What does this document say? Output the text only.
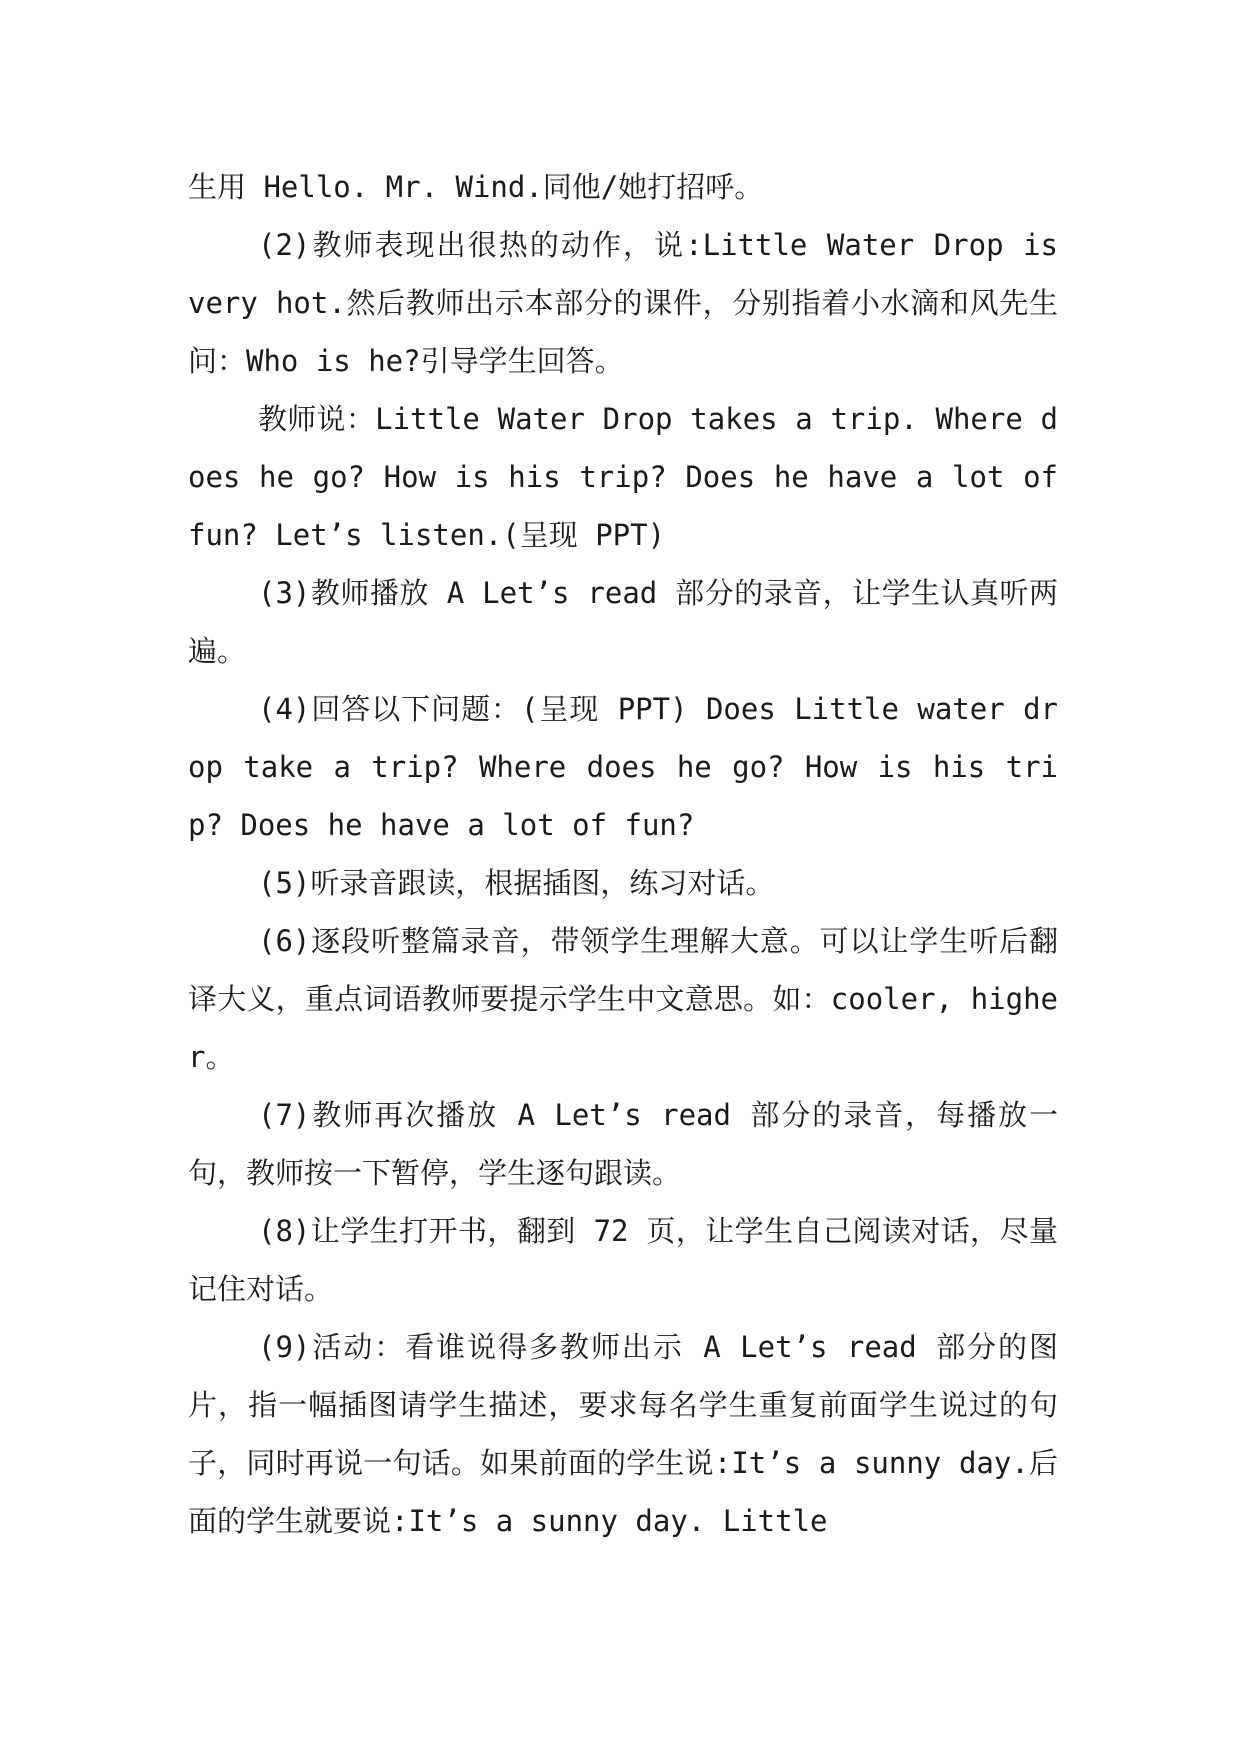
生用 Hello. Mr. Wind.同他/她打招呼。

(2)教师表现出很热的动作，说:Little Water Drop is very hot.然后教师出示本部分的课件，分别指着小水滴和风先生问：Who is he?引导学生回答。

教师说：Little Water Drop takes a trip. Where does he go? How is his trip? Does he have a lot of fun? Let’s listen.(呈现 PPT)

(3)教师播放 A Let’s read 部分的录音，让学生认真听两遍。

(4)回答以下问题：(呈现 PPT) Does Little water drop take a trip? Where does he go? How is his trip? Does he have a lot of fun?

(5)听录音跟读，根据插图，练习对话。

(6)逐段听整篇录音，带领学生理解大意。可以让学生听后翻译大义，重点词语教师要提示学生中文意思。如：cooler, higher。

(7)教师再次播放 A Let’s read 部分的录音，每播放一句，教师按一下暂停，学生逐句跟读。

(8)让学生打开书，翻到 72 页，让学生自己阅读对话，尽量记住对话。

(9)活动：看谁说得多教师出示 A Let’s read 部分的图片，指一幅插图请学生描述，要求每名学生重复前面学生说过的句子，同时再说一句话。如果前面的学生说:It’s a sunny day.后面的学生就要说:It’s a sunny day. Little
